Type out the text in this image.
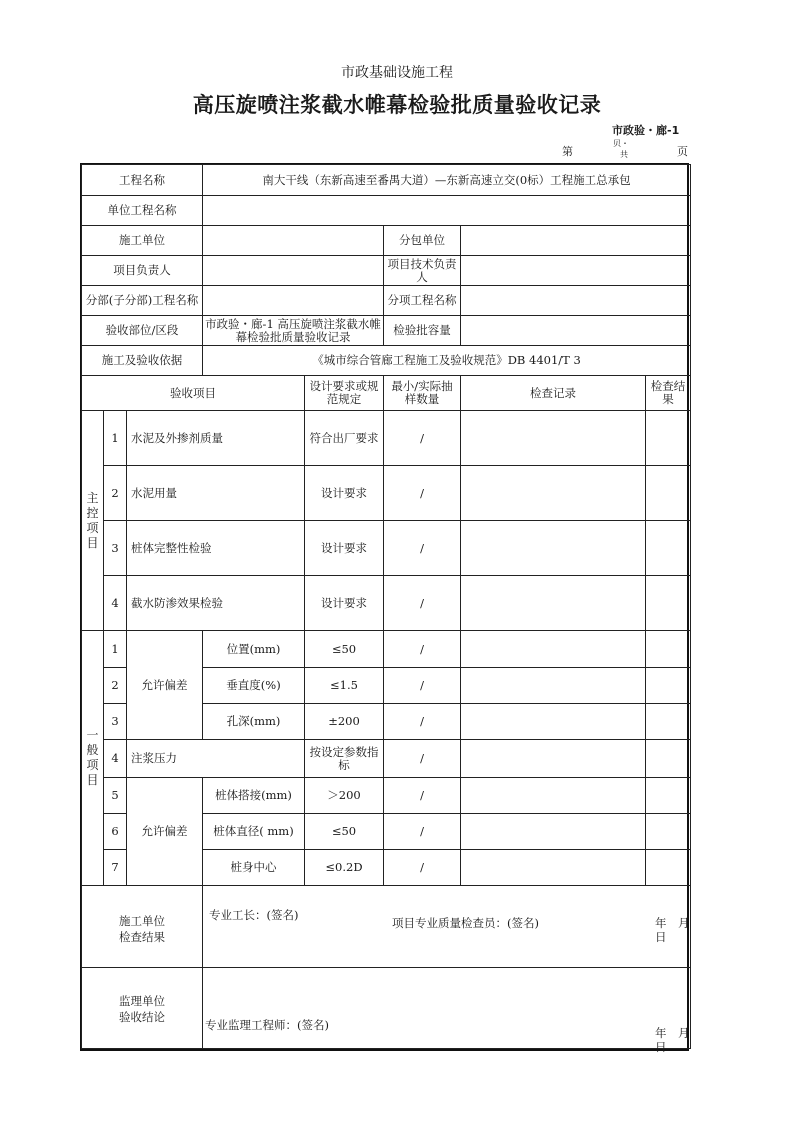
市政基础设施工程
高压旋喷注浆截水帷幕检验批质量验收记录
市政验・廊-1
第
贝・
共	页
工程名称			南大干线（东新高速至番禺大道）—东新高速立交(0标）工程施工总承包				
单位工程名称							
施工单位					分包单位		
项目负责人					项目技术负责人		
分部(子分部)工程名称					分项工程名称		
验收部位/区段			市政验・廊-1 高压旋喷注浆截水帷幕检验批质量验收记录		检验批容量		
施工及验收依据			《城市综合管廊工程施工及验收规范》DB 4401/T 3				
验收项目				设计要求或规范规定	最小/实际抽样数量	检查记录	检查结果
主控项目	1	水泥及外掺剂质量		符合出厂要求	/		
	2	水泥用量		设计要求	/		
	3	桩体完整性检验		设计要求	/		
	4	截水防渗效果检验		设计要求	/		
一般项目	1	允许偏差	位置(mm)	≤50	/		
	2		垂直度(%)	≤1.5	/		
	3		孔深(mm)	±200	/		
	4	注浆压力		按设定参数指标	/		
	5	允许偏差	桩体搭接(mm)	＞200	/		
	6		桩体直径( mm)	≤50	/		
	7		桩身中心	≤0.2D	/		
施工单位检查结果			专业工长：(签名)
项目专业质量检查员：(签名) 年　月　日				

监理单位验收结论			专业监理工程师：(签名)
年　月　日				
